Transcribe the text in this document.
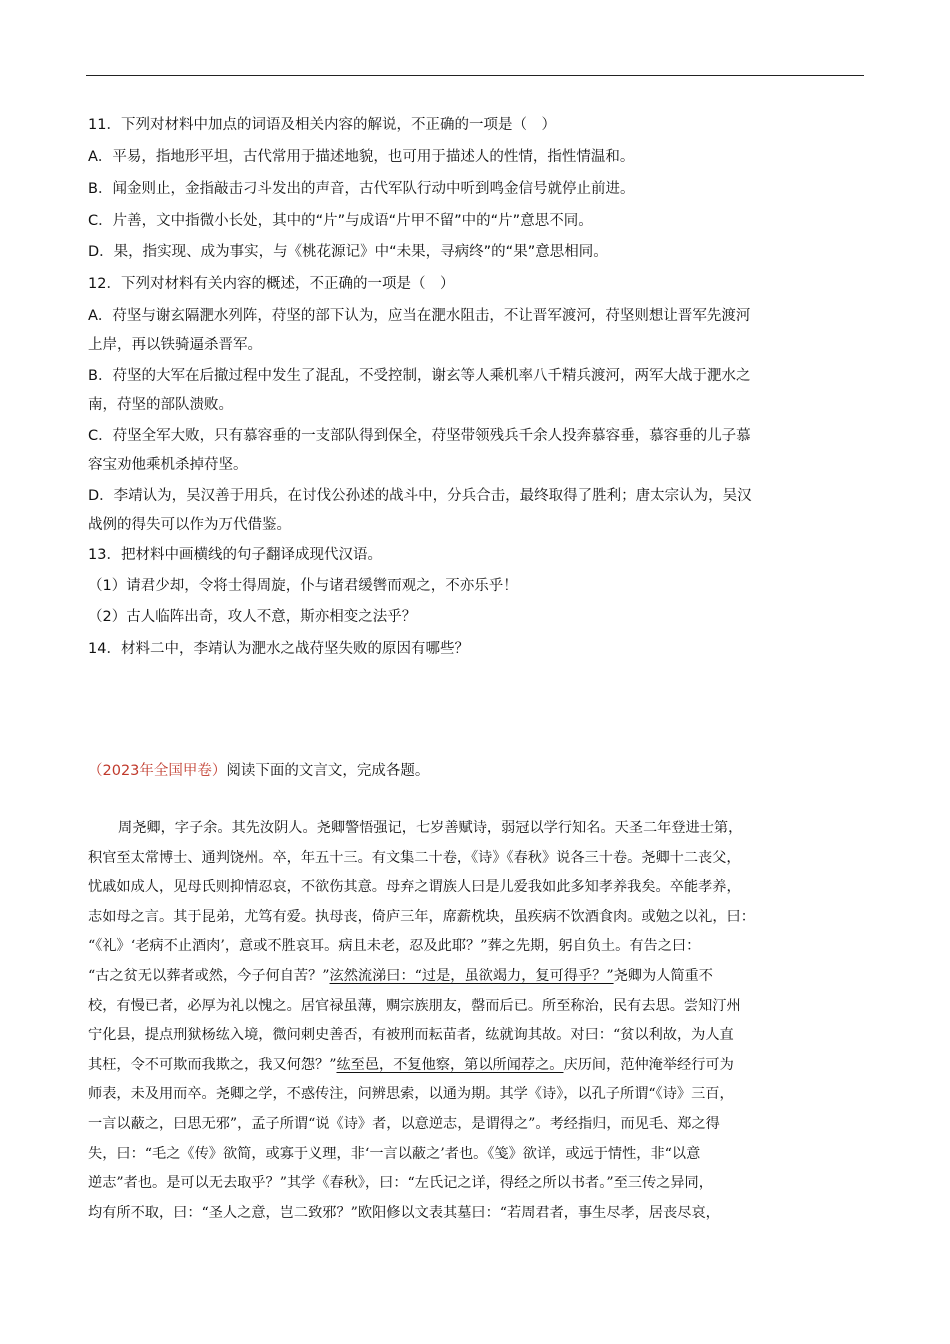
11．下列对材料中加点的词语及相关内容的解说，不正确的一项是（　）
A．平易，指地形平坦，古代常用于描述地貌，也可用于描述人的性情，指性情温和。
B．闻金则止，金指敲击刁斗发出的声音，古代军队行动中听到鸣金信号就停止前进。
C．片善，文中指微小长处，其中的“片”与成语“片甲不留”中的“片”意思不同。
D．果，指实现、成为事实，与《桃花源记》中“未果，寻病终”的“果”意思相同。
12．下列对材料有关内容的概述，不正确的一项是（　）
A．苻坚与谢玄隔淝水列阵，苻坚的部下认为，应当在淝水阻击，不让晋军渡河，苻坚则想让晋军先渡河
上岸，再以铁骑逼杀晋军。
B．苻坚的大军在后撤过程中发生了混乱，不受控制，谢玄等人乘机率八千精兵渡河，两军大战于淝水之
南，苻坚的部队溃败。
C．苻坚全军大败，只有慕容垂的一支部队得到保全，苻坚带领残兵千余人投奔慕容垂，慕容垂的儿子慕
容宝劝他乘机杀掉苻坚。
D．李靖认为，吴汉善于用兵，在讨伐公孙述的战斗中，分兵合击，最终取得了胜利；唐太宗认为，吴汉
战例的得失可以作为万代借鉴。
13．把材料中画横线的句子翻译成现代汉语。
（1）请君少却，令将士得周旋，仆与诸君缓辔而观之，不亦乐乎！
（2）古人临阵出奇，攻人不意，斯亦相变之法乎？
14．材料二中，李靖认为淝水之战苻坚失败的原因有哪些？
（2023年全国甲卷）阅读下面的文言文，完成各题。
周尧卿，字子余。其先汝阴人。尧卿警悟强记，七岁善赋诗，弱冠以学行知名。天圣二年登进士第，
积官至太常博士、通判饶州。卒，年五十三。有文集二十卷，《诗》《春秋》说各三十卷。尧卿十二丧父，
忧戚如成人，见母氏则抑情忍哀，不欲伤其意。母弃之谓族人曰是儿爱我如此多知孝养我矣。卒能孝养，
志如母之言。其于昆弟，尤笃有爱。执母丧，倚庐三年，席薪枕块，虽疾病不饮酒食肉。或勉之以礼，曰：
“《礼》‘老病不止酒肉’，意或不胜哀耳。病且未老，忍及此耶？”葬之先期，躬自负土。有告之曰：
“古之贫无以葬者或然，今子何自苦？”泫然流涕曰：“过是，虽欲竭力，复可得乎？”尧卿为人简重不
校，有慢已者，必厚为礼以愧之。居官禄虽薄，赒宗族朋友，罄而后已。所至称治，民有去思。尝知汀州
宁化县，提点刑狱杨纮入境，微问刺史善否，有被刑而耘苗者，纮就询其故。对曰：“贫以利故，为人直
其枉，令不可欺而我欺之，我又何怨？”纮至邑，不复他察，第以所闻荐之。庆历间，范仲淹举经行可为
师表，未及用而卒。尧卿之学，不惑传注，问辨思索，以通为期。其学《诗》，以孔子所谓“《诗》三百，
一言以蔽之，曰思无邪”，孟子所谓“说《诗》者，以意逆志，是谓得之”。考经指归，而见毛、郑之得
失，曰：“毛之《传》欲简，或寡于义理，非‘一言以蔽之’者也。《笺》欲详，或远于情性，非“以意
逆志”者也。是可以无去取乎？”其学《春秋》，曰：“左氏记之详，得经之所以书者。”至三传之异同，
均有所不取，曰：“圣人之意，岂二致邪？”欧阳修以文表其墓曰：“若周君者，事生尽孝，居丧尽哀，
